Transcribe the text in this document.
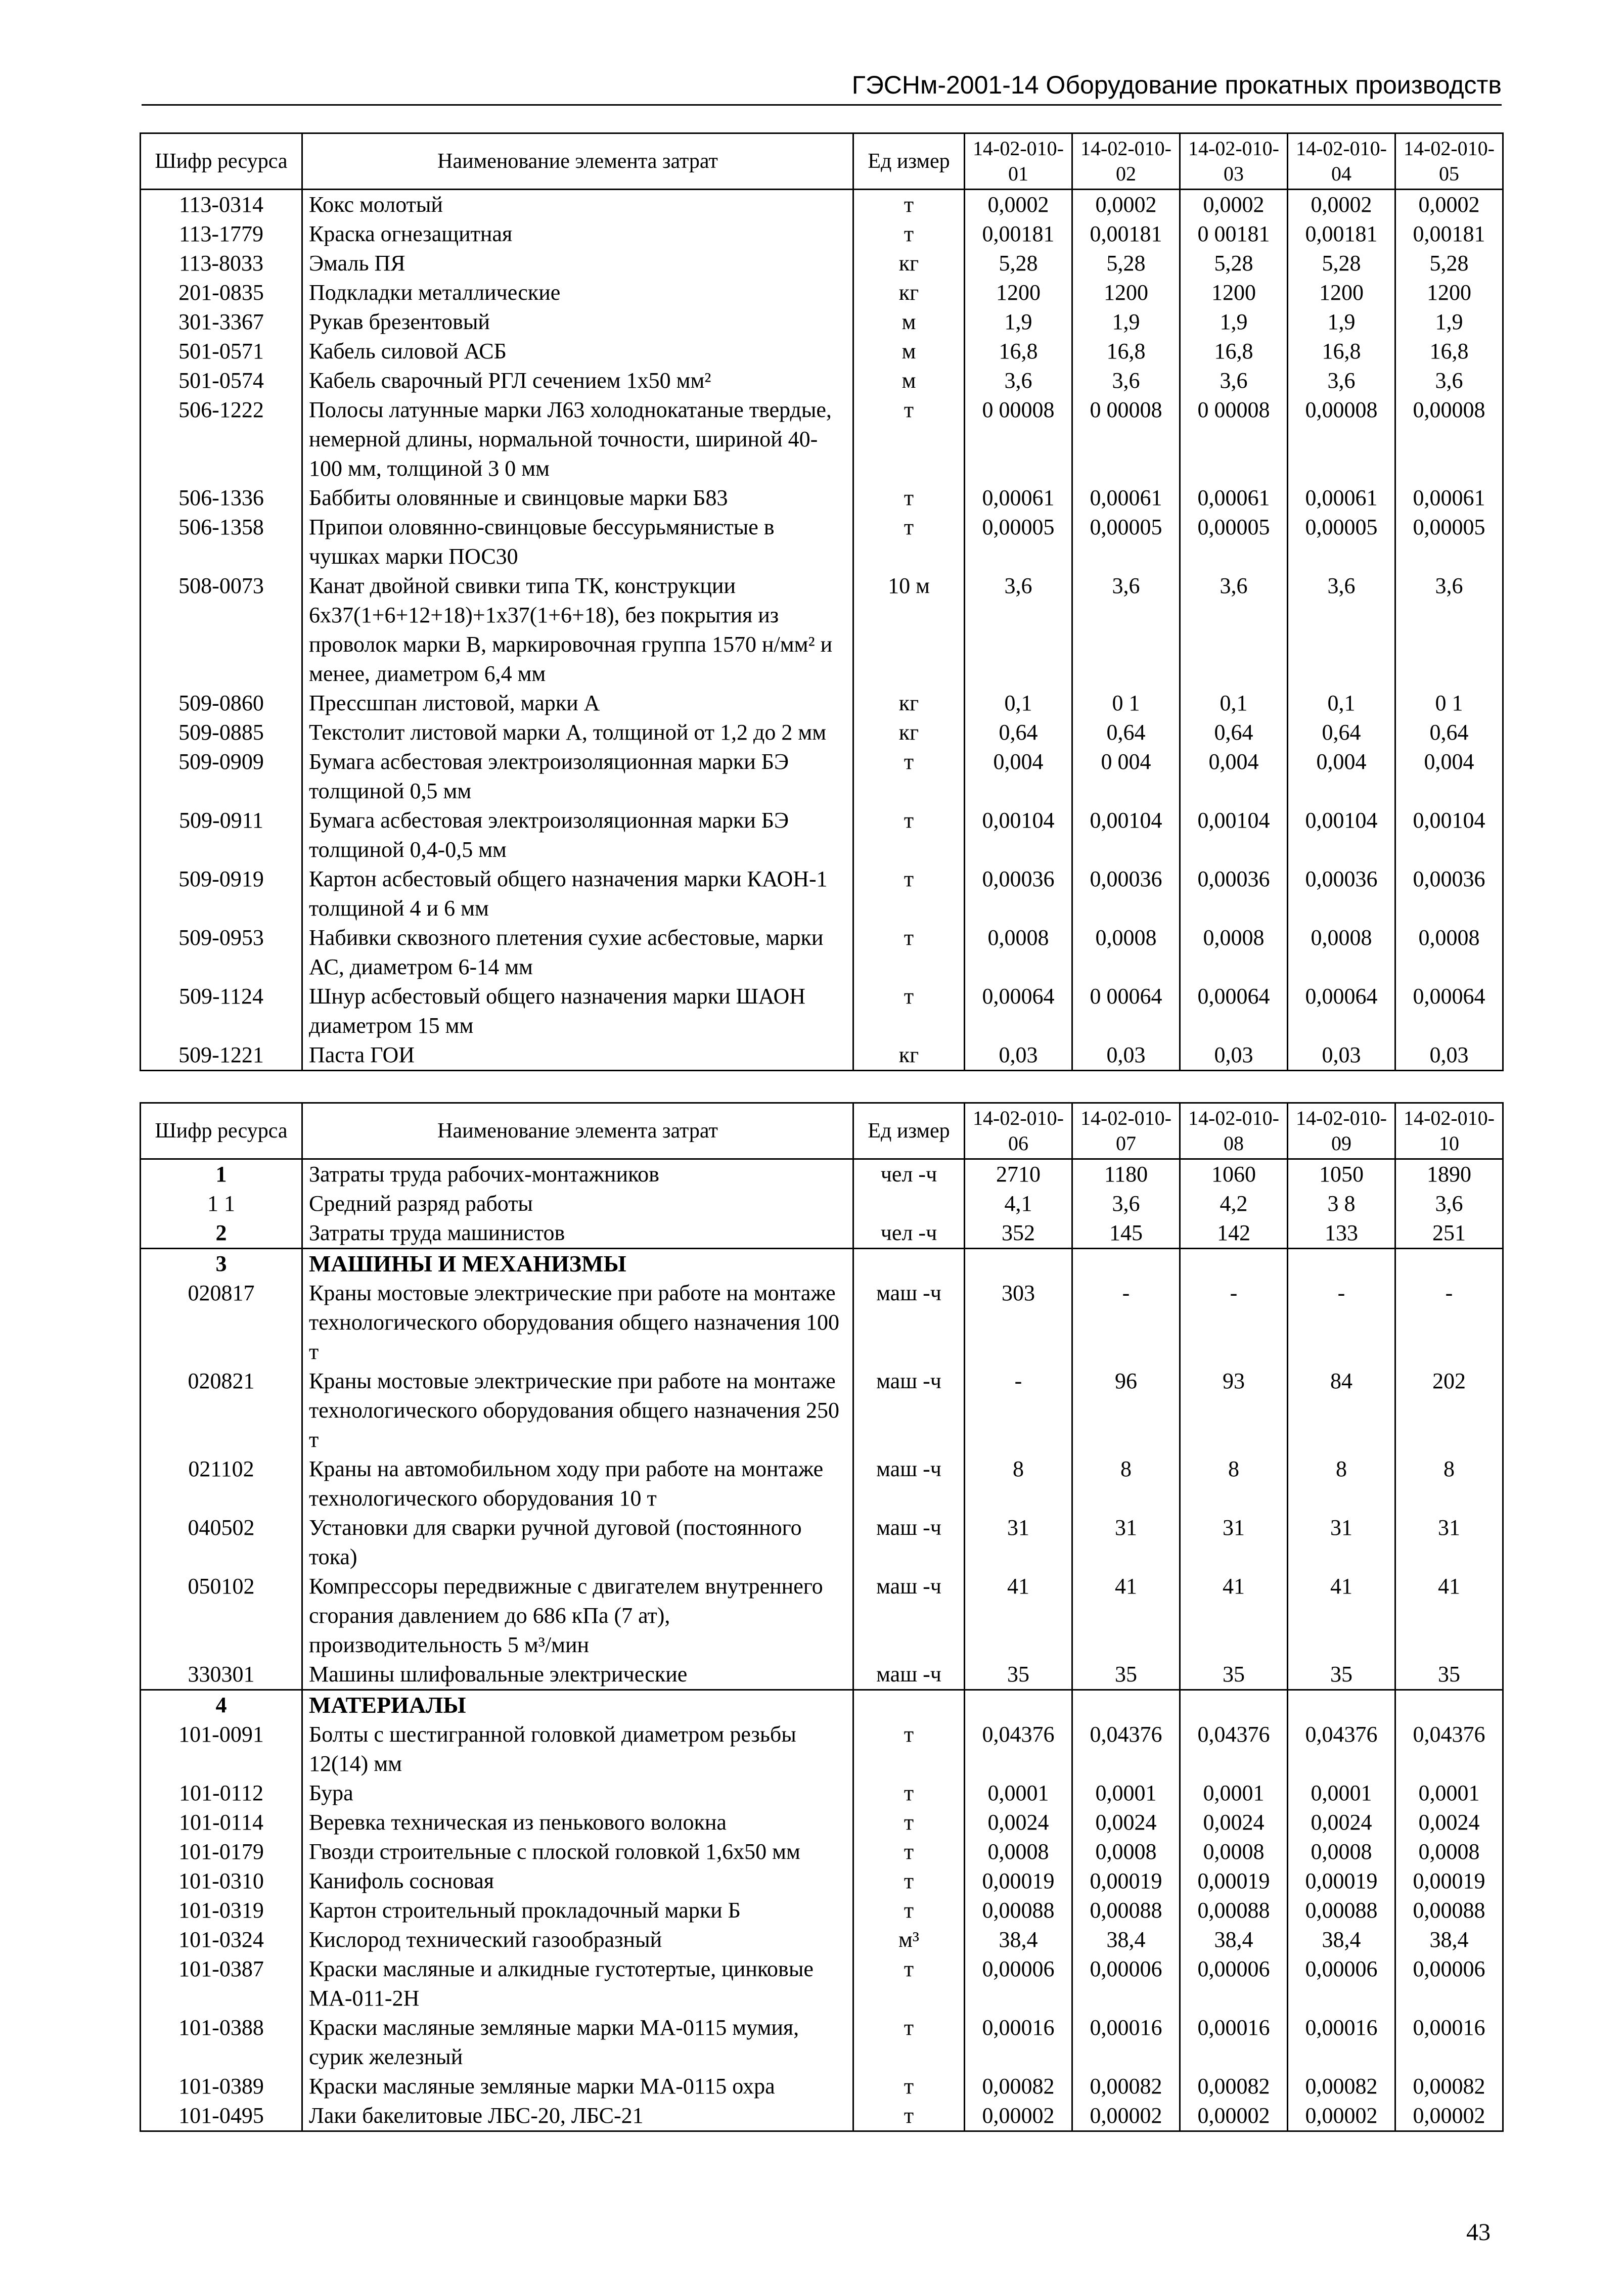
ГЭСНм-2001-14 Оборудование прокатных производств
Шифр ресурса	Наименование элемента затрат	Ед измер	14-02-010-01	14-02-010-02	14-02-010-03	14-02-010-04	14-02-010-05
113-0314	Кокс молотый	т	0,0002	0,0002	0,0002	0,0002	0,0002
113-1779	Краска огнезащитная	т	0,00181	0,00181	0 00181	0,00181	0,00181
113-8033	Эмаль ПЯ	кг	5,28	5,28	5,28	5,28	5,28
201-0835	Подкладки металлические	кг	1200	1200	1200	1200	1200
301-3367	Рукав брезентовый	м	1,9	1,9	1,9	1,9	1,9
501-0571	Кабель силовой АСБ	м	16,8	16,8	16,8	16,8	16,8
501-0574	Кабель сварочный РГЛ сечением 1х50 мм²	м	3,6	3,6	3,6	3,6	3,6
506-1222	Полосы латунные марки Л63 холоднокатаные твердые, немерной длины, нормальной точности, шириной 40-100 мм, толщиной 3 0 мм	т	0 00008	0 00008	0 00008	0,00008	0,00008
506-1336	Баббиты оловянные и свинцовые марки Б83	т	0,00061	0,00061	0,00061	0,00061	0,00061
506-1358	Припои оловянно-свинцовые бессурьмянистые в чушках марки ПОС30	т	0,00005	0,00005	0,00005	0,00005	0,00005
508-0073	Канат двойной свивки типа ТК, конструкции 6х37(1+6+12+18)+1х37(1+6+18), без покрытия из проволок марки В, маркировочная группа 1570 н/мм² и менее, диаметром 6,4 мм	10 м	3,6	3,6	3,6	3,6	3,6
509-0860	Прессшпан листовой, марки А	кг	0,1	0 1	0,1	0,1	0 1
509-0885	Текстолит листовой марки А, толщиной от 1,2 до 2 мм	кг	0,64	0,64	0,64	0,64	0,64
509-0909	Бумага асбестовая электроизоляционная марки БЭ толщиной 0,5 мм	т	0,004	0 004	0,004	0,004	0,004
509-0911	Бумага асбестовая электроизоляционная марки БЭ толщиной 0,4-0,5 мм	т	0,00104	0,00104	0,00104	0,00104	0,00104
509-0919	Картон асбестовый общего назначения марки КАОН-1 толщиной 4 и 6 мм	т	0,00036	0,00036	0,00036	0,00036	0,00036
509-0953	Набивки сквозного плетения сухие асбестовые, марки АС, диаметром 6-14 мм	т	0,0008	0,0008	0,0008	0,0008	0,0008
509-1124	Шнур асбестовый общего назначения марки ШАОН диаметром 15 мм	т	0,00064	0 00064	0,00064	0,00064	0,00064
509-1221	Паста ГОИ	кг	0,03	0,03	0,03	0,03	0,03
Шифр ресурса	Наименование элемента затрат	Ед измер	14-02-010-06	14-02-010-07	14-02-010-08	14-02-010-09	14-02-010-10
1	Затраты труда рабочих-монтажников	чел -ч	2710	1180	1060	1050	1890
1 1	Средний разряд работы		4,1	3,6	4,2	3 8	3,6
2	Затраты труда машинистов	чел -ч	352	145	142	133	251
3	МАШИНЫ И МЕХАНИЗМЫ						
020817	Краны мостовые электрические при работе на монтаже технологического оборудования общего назначения 100 т	маш -ч	303	-	-	-	-
020821	Краны мостовые электрические при работе на монтаже технологического оборудования общего назначения 250 т	маш -ч	-	96	93	84	202
021102	Краны на автомобильном ходу при работе на монтаже технологического оборудования 10 т	маш -ч	8	8	8	8	8
040502	Установки для сварки ручной дуговой (постоянного тока)	маш -ч	31	31	31	31	31
050102	Компрессоры передвижные с двигателем внутреннего сгорания давлением до 686 кПа (7 ат), производительность 5 м³/мин	маш -ч	41	41	41	41	41
330301	Машины шлифовальные электрические	маш -ч	35	35	35	35	35
4	МАТЕРИАЛЫ						
101-0091	Болты с шестигранной головкой диаметром резьбы 12(14) мм	т	0,04376	0,04376	0,04376	0,04376	0,04376
101-0112	Бура	т	0,0001	0,0001	0,0001	0,0001	0,0001
101-0114	Веревка техническая из пенькового волокна	т	0,0024	0,0024	0,0024	0,0024	0,0024
101-0179	Гвозди строительные с плоской головкой 1,6х50 мм	т	0,0008	0,0008	0,0008	0,0008	0,0008
101-0310	Канифоль сосновая	т	0,00019	0,00019	0,00019	0,00019	0,00019
101-0319	Картон строительный прокладочный марки Б	т	0,00088	0,00088	0,00088	0,00088	0,00088
101-0324	Кислород технический газообразный	м³	38,4	38,4	38,4	38,4	38,4
101-0387	Краски масляные и алкидные густотертые, цинковые МА-011-2Н	т	0,00006	0,00006	0,00006	0,00006	0,00006
101-0388	Краски масляные земляные марки МА-0115 мумия, сурик железный	т	0,00016	0,00016	0,00016	0,00016	0,00016
101-0389	Краски масляные земляные марки МА-0115 охра	т	0,00082	0,00082	0,00082	0,00082	0,00082
101-0495	Лаки бакелитовые ЛБС-20, ЛБС-21	т	0,00002	0,00002	0,00002	0,00002	0,00002
43
